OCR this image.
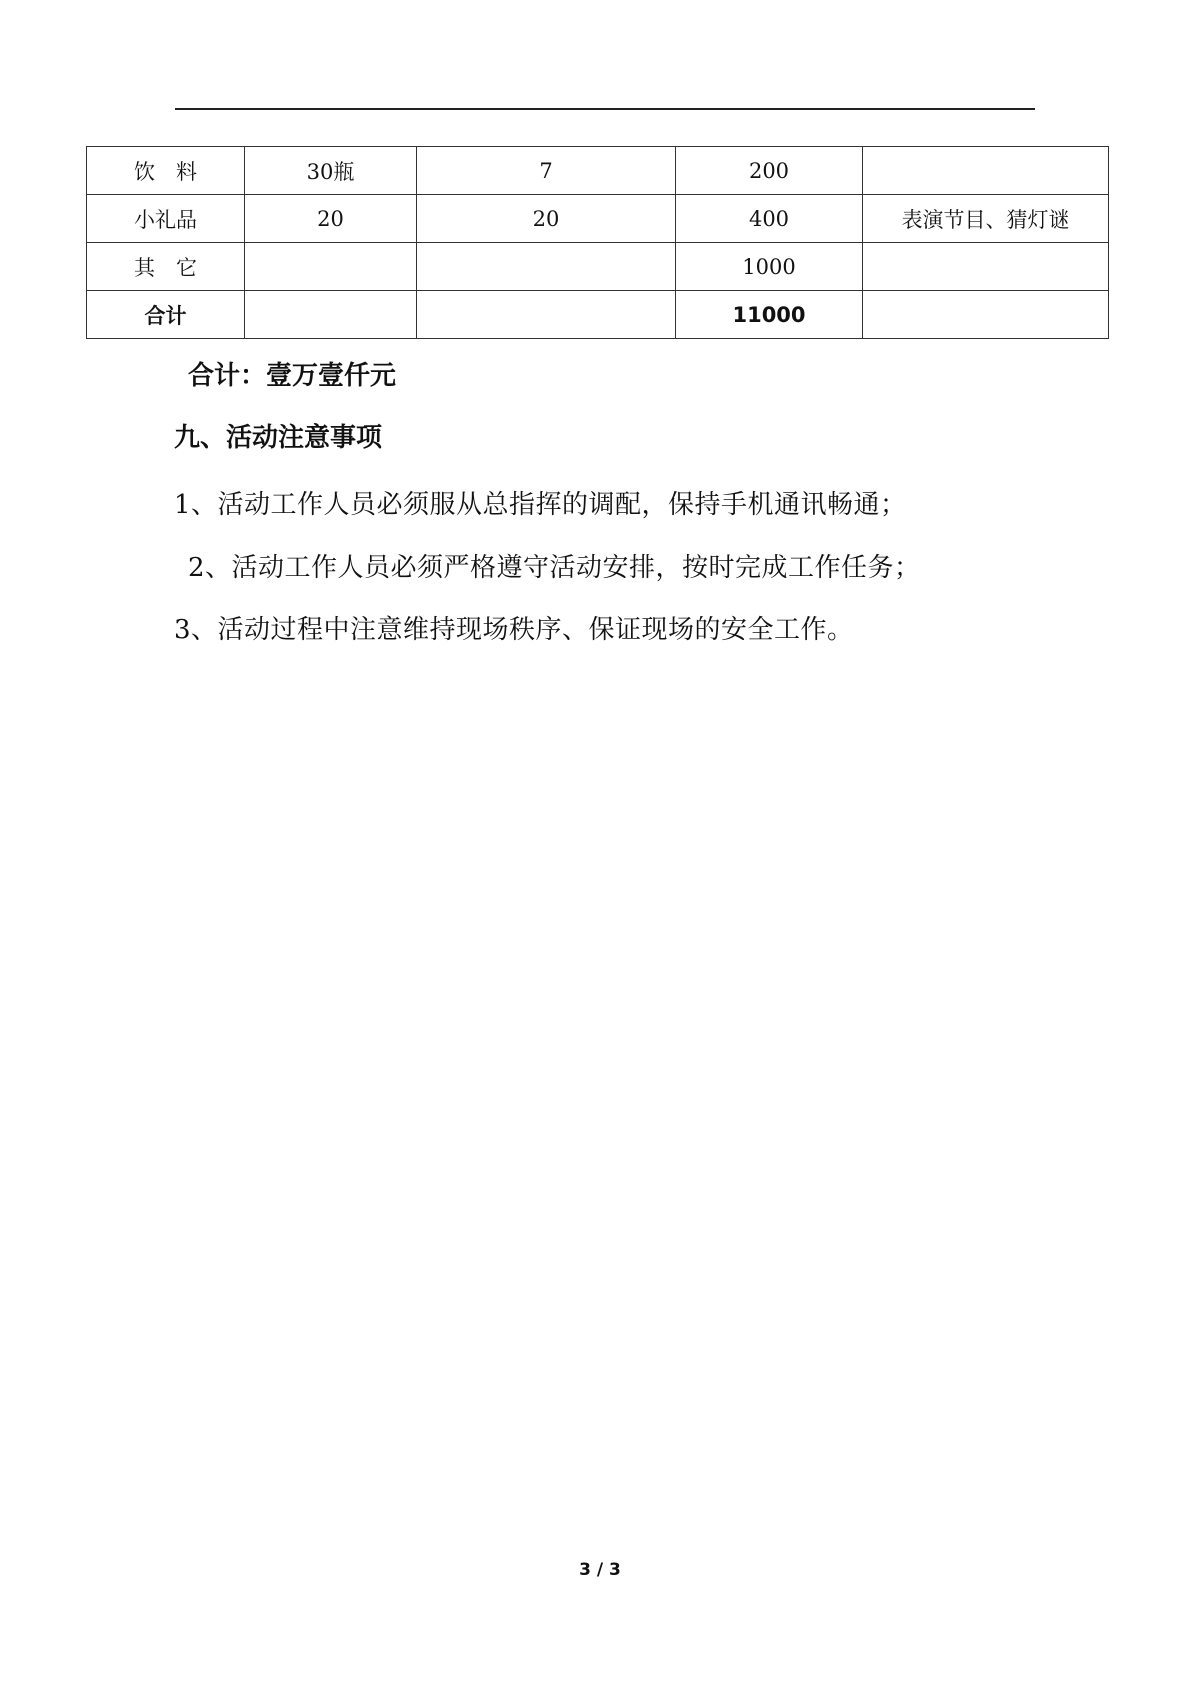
饮　料	30瓶	7	200	
小礼品	20	20	400	表演节目、猜灯谜
其　它			1000	
合计			11000	
合计：壹万壹仟元
九、活动注意事项
1、活动工作人员必须服从总指挥的调配，保持手机通讯畅通；
2、活动工作人员必须严格遵守活动安排，按时完成工作任务；
3、活动过程中注意维持现场秩序、保证现场的安全工作。
3 / 3
